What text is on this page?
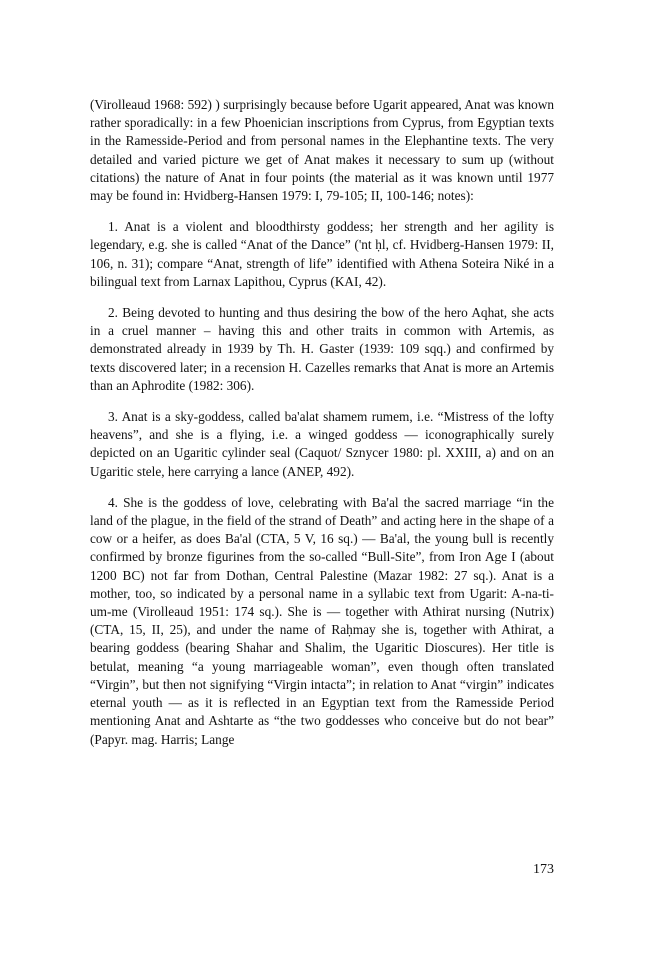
(Virolleaud 1968: 592) ) surprisingly because before Ugarit appeared, Anat was known rather sporadically: in a few Phoenician inscriptions from Cyprus, from Egyptian texts in the Ramesside-Period and from personal names in the Elephantine texts. The very detailed and varied picture we get of Anat makes it necessary to sum up (without citations) the nature of Anat in four points (the material as it was known until 1977 may be found in: Hvidberg-Hansen 1979: I, 79-105; II, 100-146; notes):

1. Anat is a violent and bloodthirsty goddess; her strength and her agility is legendary, e.g. she is called “Anat of the Dance” ('nt ḥl, cf. Hvidberg-Hansen 1979: II, 106, n. 31); compare “Anat, strength of life” identified with Athena Soteira Niké in a bilingual text from Larnax Lapithou, Cyprus (KAI, 42).

2. Being devoted to hunting and thus desiring the bow of the hero Aqhat, she acts in a cruel manner – having this and other traits in common with Artemis, as demonstrated already in 1939 by Th. H. Gaster (1939: 109 sqq.) and confirmed by texts discovered later; in a recension H. Cazelles remarks that Anat is more an Artemis than an Aphrodite (1982: 306).

3. Anat is a sky-goddess, called ba'alat shamem rumem, i.e. “Mistress of the lofty heavens”, and she is a flying, i.e. a winged goddess — iconographically surely depicted on an Ugaritic cylinder seal (Caquot/ Sznycer 1980: pl. XXIII, a) and on an Ugaritic stele, here carrying a lance (ANEP, 492).

4. She is the goddess of love, celebrating with Ba'al the sacred marriage “in the land of the plague, in the field of the strand of Death” and acting here in the shape of a cow or a heifer, as does Ba'al (CTA, 5 V, 16 sq.) — Ba'al, the young bull is recently confirmed by bronze figurines from the so-called “Bull-Site”, from Iron Age I (about 1200 BC) not far from Dothan, Central Palestine (Mazar 1982: 27 sq.). Anat is a mother, too, so indicated by a personal name in a syllabic text from Ugarit: A-na-ti-um-me (Virolleaud 1951: 174 sq.). She is — together with Athirat nursing (Nutrix) (CTA, 15, II, 25), and under the name of Raḥmay she is, together with Athirat, a bearing goddess (bearing Shahar and Shalim, the Ugaritic Dioscures). Her title is betulat, meaning “a young marriageable woman”, even though often translated “Virgin”, but then not signifying “Virgin intacta”; in relation to Anat “virgin” indicates eternal youth — as it is reflected in an Egyptian text from the Ramesside Period mentioning Anat and Ashtarte as “the two goddesses who conceive but do not bear” (Papyr. mag. Harris; Lange

173
